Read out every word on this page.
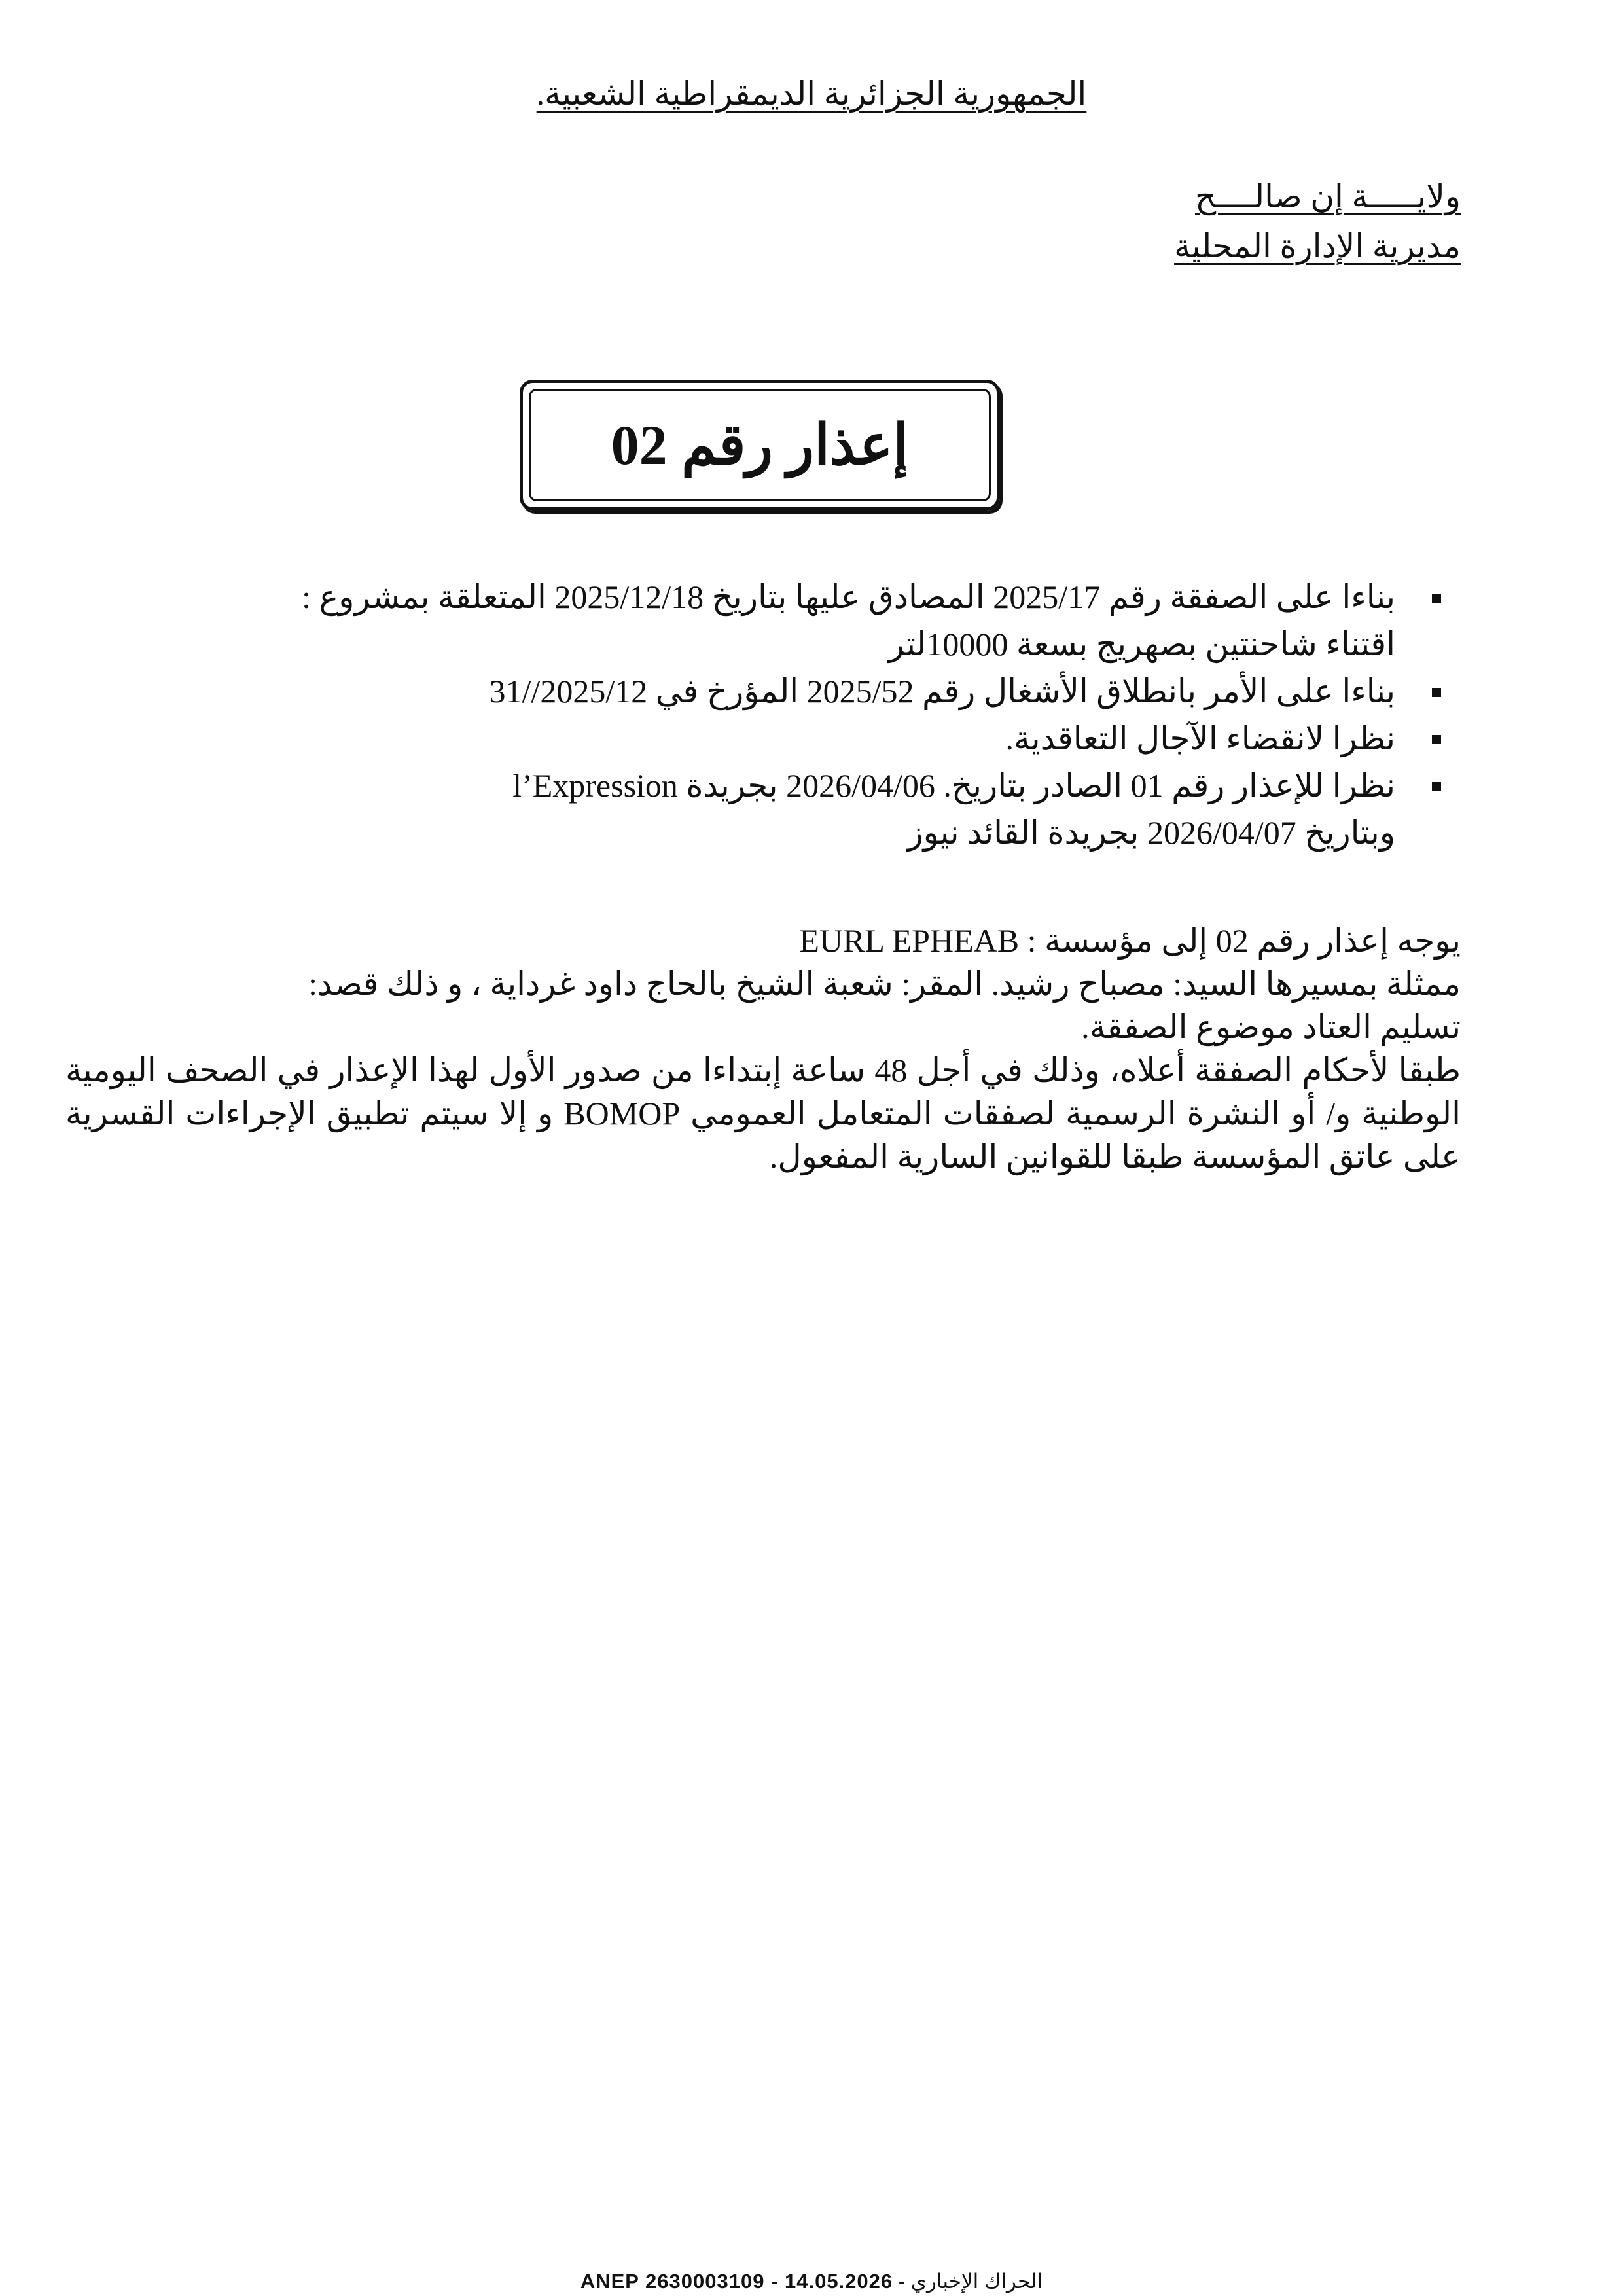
الجمهورية الجزائرية الديمقراطية الشعبية.
ولايـــــة إن صالــــح
مديرية الإدارة المحلية
إعذار رقم 02
بناءا على الصفقة رقم 2025/17 المصادق عليها بتاريخ 2025/12/18 المتعلقة بمشروع :
اقتناء شاحنتين بصهريج بسعة 10000لتر
بناءا على الأمر بانطلاق الأشغال رقم 2025/52 المؤرخ في 2025/12//31
نظرا لانقضاء الآجال التعاقدية.
نظرا للإعذار رقم 01 الصادر بتاريخ. 2026/04/06 بجريدة l’Expression
وبتاريخ 2026/04/07 بجريدة القائد نيوز
يوجه إعذار رقم 02 إلى مؤسسة : EURL EPHEAB
ممثلة بمسيرها السيد: مصباح رشيد. المقر: شعبة الشيخ بالحاج داود غرداية ، و ذلك قصد:
تسليم العتاد موضوع الصفقة.
طبقا لأحكام الصفقة أعلاه، وذلك في أجل 48 ساعة إبتداءا من صدور الأول لهذا الإعذار في الصحف اليومية الوطنية و/ أو النشرة الرسمية لصفقات المتعامل العمومي BOMOP و إلا سيتم تطبيق الإجراءات القسرية على عاتق المؤسسة طبقا للقوانين السارية المفعول.
الحراك الإخباري - ANEP 2630003109 - 14.05.2026
